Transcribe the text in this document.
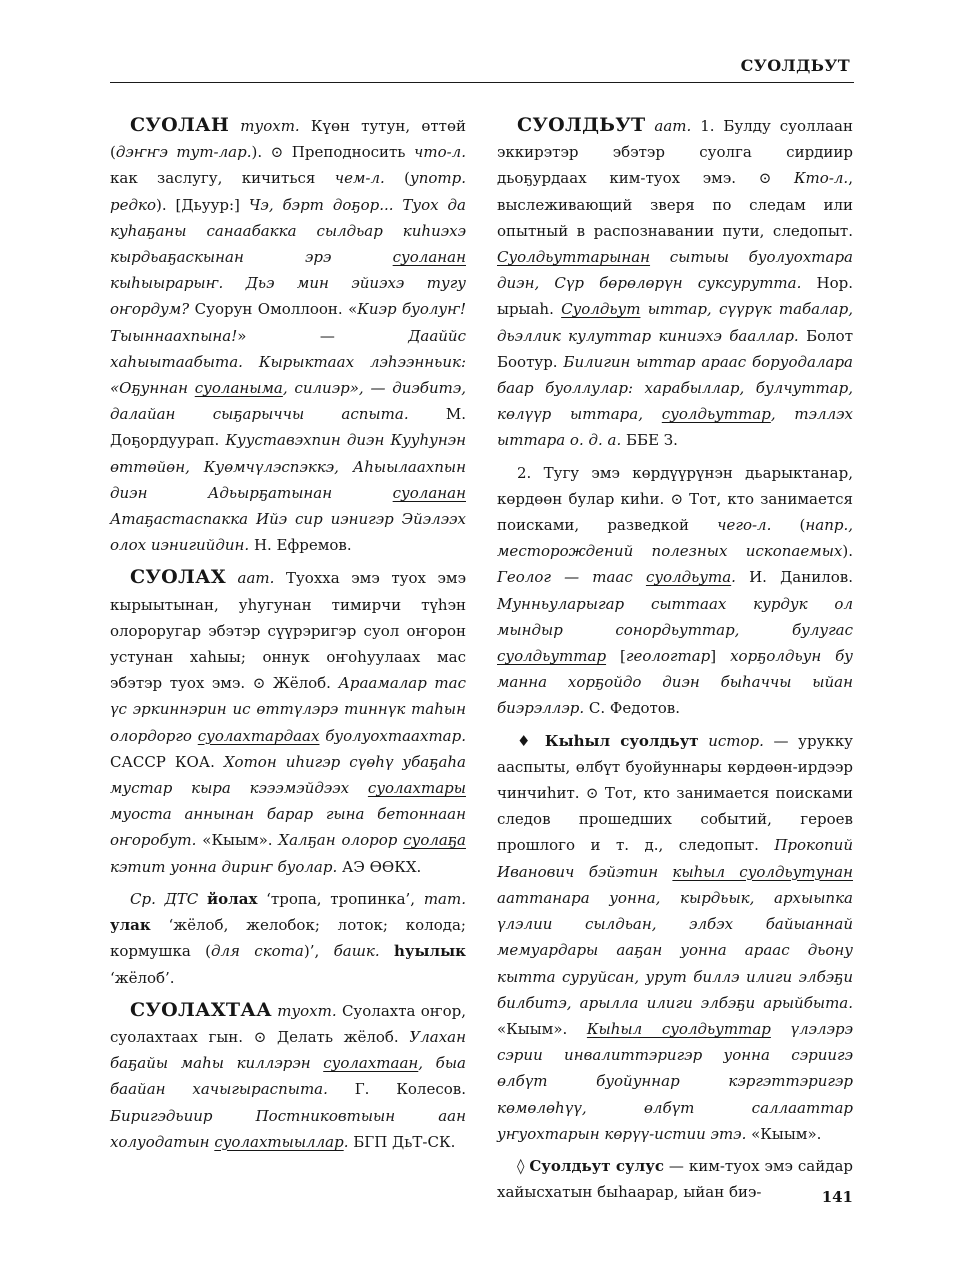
СУОЛДЬУТ

СУОЛАН туохт. Күөн тутун, өттөй (дэҥҥэ тут-лар.). ⊙ Преподносить что-л. как заслугу, кичиться чем-л. (употр. редко). [Дьуур:] Чэ, бэрт доҕор... Туох да куһаҕаны санаабакка сылдьар киһиэхэ кырдьаҕаскынан эрэ суоланан кыһыырарыҥ. Дьэ мин эйиэхэ тугу оҥордум? Суорун Омоллоон. «Киэр буолуҥ! Тыыннаахпына!» — Дааййс хаһыытаабыта. Кырыктаах лэһээнньик: «Оҕуннан суоланыма, силиэр», — диэбитэ, далайан сыҕарыччы аспыта. М. Доҕордуурап. Кууставэхпин диэн Кууһунэн өттөйөн, Куөмчүлэспэккэ, Аһыылаахпын диэн Адьырҕатынан суоланан Атаҕастаспакка Ийэ сир иэнигэр Эйэлээх олох иэнигийдин. Н. Ефремов.

СУОЛАХ аат. Туохха эмэ туох эмэ кырыытынан, уһугунан тимирчи түһэн олороругар эбэтэр сүүрэригэр суол оҥорон устунан хаһыы; оннук оҥоһуулаах мас эбэтэр туох эмэ. ⊙ Жёлоб. Араамалар тас үс эркиннэрин ис өттүлэрэ тиннүк таһын олордорго суолахтардаах буолуохтаахтар. САССР КОА. Хотон иһигэр сүөһү убаҕаһа мустар кыра кэээмэйдээх суолахтары муоста аннынан барар гына бетоннаан оҥоробут. «Кыым». Халҕан олорор суолаҕа кэтит уонна дириҥ буолар. АЭ ӨӨКХ.

Ср. ДТС йолах ‘тропа, тропинка’, тат. улак ‘жёлоб, желобок; лоток; колода; кормушка (для скота)’, башк. һуылык ‘жёлоб’.

СУОЛАХТАА туохт. Суолахта оҥор, суолахтаах гын. ⊙ Делать жёлоб. Улахан баҕайы маһы киллэрэн суолахтаан, быа баайан хачыгыраспыта. Г. Колесов. Биригэдьиир Постниковтыын аан холуодатын суолахтыыллар. БГП ДьТ-СК.

СУОЛДЬУТ аат. 1. Булду суоллаан эккирэтэр эбэтэр суолга сирдиир дьоҕурдаах ким-туох эмэ. ⊙ Кто-л., выслеживающий зверя по следам или опытный в распознавании пути, следопыт. Суолдьуттарынан сытыы буолуохтара диэн, Сүр бөрөлөрүн суксуруттa. Нор. ырыаһ. Суолдьут ыттар, сүүрүк табалар, дьэллик кулуттар киниэхэ бааллар. Болот Боотур. Билигин ыттар араас боруодалара баар буоллулар: харабыллар, булчуттар, көлүүр ыттара, суолдьуттар, тэллэх ыттара о. д. а. ББЕ З.

2. Тугу эмэ көрдүүрүнэн дьарыктанар, көрдөөн булар киһи. ⊙ Тот, кто занимается поисками, разведкой чего-л. (напр., месторождений полезных ископаемых). Геолог — таас суолдьута. И. Данилов. Мунньуларыгар сыттаах курдук ол мындыр сонордьуттар, булугас суолдьуттар [геологтар] хорҕолдьун бу манна хорҕойдо диэн быһаччы ыйан биэрэллэр. С. Федотов.

♦ Кыһыл суолдьут истор. — урукку ааспыты, өлбүт буойуннары көрдөөн-ирдээр чинчиһит. ⊙ Тот, кто занимается поисками следов прошедших событий, героев прошлого и т. д., следопыт. Прокопий Иванович бэйэтин кыһыл суолдьутунан ааттанара уонна, кырдьык, архыыпка үлэлии сылдьан, элбэх байыаннай мемуардары ааҕан уонна араас дьону кытта суруйсан, урут биллэ илиги элбэҕи билбитэ, арылла илиги элбэҕи арыйбыта. «Кыым». Кыһыл суолдьуттар үлэлэрэ сэрии инвалиттэригэр уонна сэриигэ өлбүт буойуннар кэргэттэригэр көмөлөһүү, өлбүт саллааттар уҥуохтарын көрүү-истии этэ. «Кыым».

◊ Суолдьут сулус — ким-туох эмэ сайдар хайысхатын быһаарар, ыйан биэ-	141
